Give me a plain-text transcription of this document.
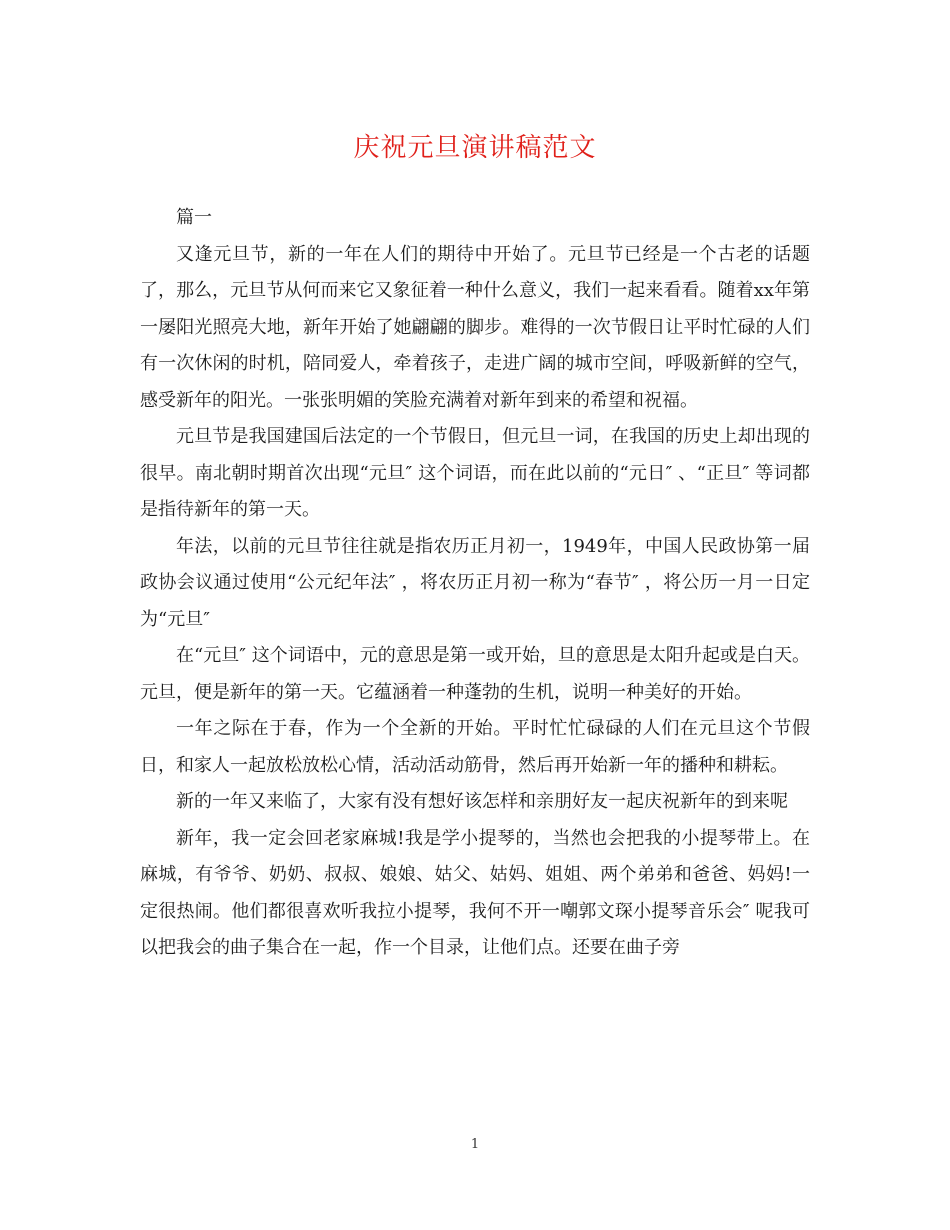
庆祝元旦演讲稿范文

篇一

又逢元旦节，新的一年在人们的期待中开始了。元旦节已经是一个古老的话题了，那么，元旦节从何而来它又象征着一种什么意义，我们一起来看看。随着xx年第一屡阳光照亮大地，新年开始了她翩翩的脚步。难得的一次节假日让平时忙碌的人们有一次休闲的时机，陪同爱人，牵着孩子，走进广阔的城市空间，呼吸新鲜的空气，感受新年的阳光。一张张明媚的笑脸充满着对新年到来的希望和祝福。

元旦节是我国建国后法定的一个节假日，但元旦一词，在我国的历史上却出现的很早。南北朝时期首次出现“元旦″ 这个词语，而在此以前的“元日″ 、“正旦″ 等词都是指待新年的第一天。

年法，以前的元旦节往往就是指农历正月初一，1949年，中国人民政协第一届政协会议通过使用“公元纪年法″ ，将农历正月初一称为“春节″ ，将公历一月一日定为“元旦″

在“元旦″ 这个词语中，元的意思是第一或开始，旦的意思是太阳升起或是白天。元旦，便是新年的第一天。它蕴涵着一种蓬勃的生机，说明一种美好的开始。

一年之际在于春，作为一个全新的开始。平时忙忙碌碌的人们在元旦这个节假日，和家人一起放松放松心情，活动活动筋骨，然后再开始新一年的播种和耕耘。

新的一年又来临了，大家有没有想好该怎样和亲朋好友一起庆祝新年的到来呢

新年，我一定会回老家麻城!我是学小提琴的，当然也会把我的小提琴带上。在麻城，有爷爷、奶奶、叔叔、娘娘、姑父、姑妈、姐姐、两个弟弟和爸爸、妈妈!一定很热闹。他们都很喜欢听我拉小提琴，我何不开一嘲郭文琛小提琴音乐会″ 呢我可以把我会的曲子集合在一起，作一个目录，让他们点。还要在曲子旁

1
